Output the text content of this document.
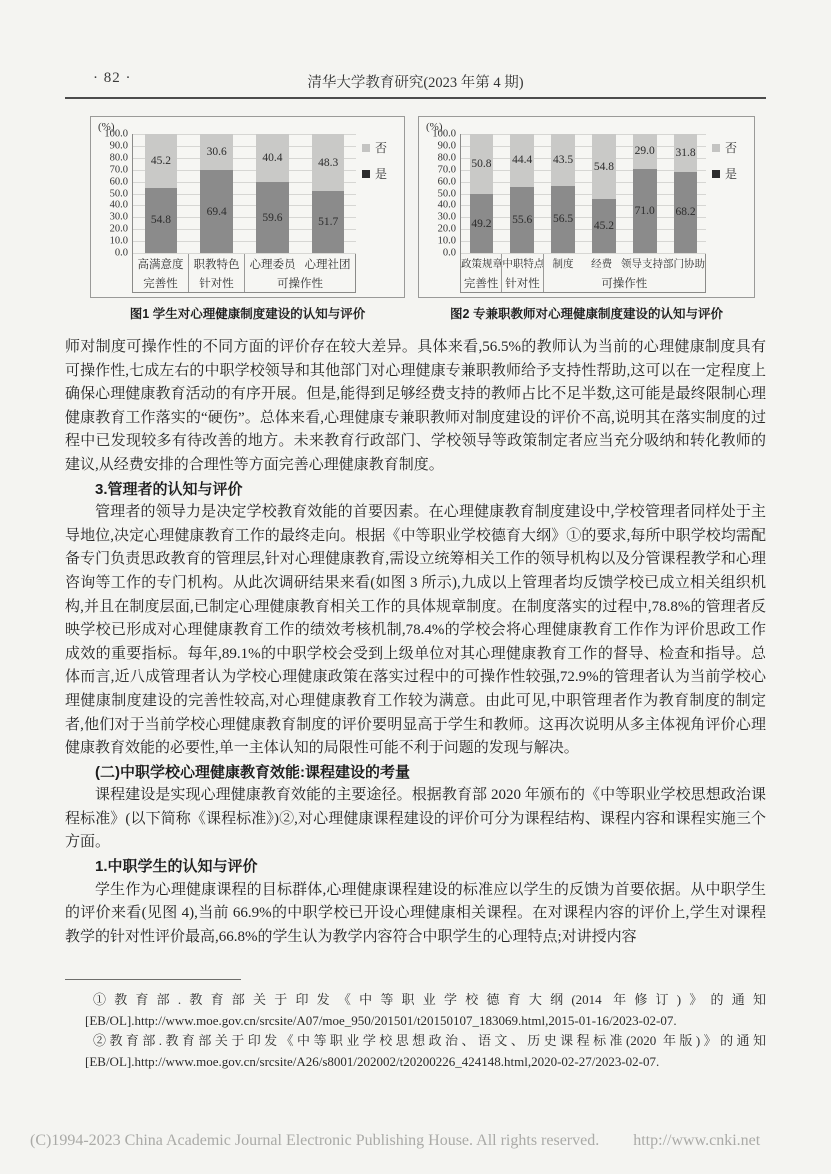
· 82 ·	清华大学教育研究(2023 年第 4 期)
(%)
100.0
90.0
80.0
70.0
60.0
50.0
40.0
30.0
20.0
10.0
0.0
54.8
45.2
69.4
30.6
59.6
40.4
51.7
48.3
否
是
高满意度
完善性
职教特色
针对性
心理委员 心理社团
可操作性
图1 学生对心理健康制度建设的认知与评价
(%)
100.0
90.0
80.0
70.0
60.0
50.0
40.0
30.0
20.0
10.0
0.0
49.2
50.8
55.6
44.4
56.5
43.5
45.2
54.8
71.0
29.0
68.2
31.8	否
是
政策规章
完善性
中职特点
针对性
制度	经费 领导支持 部门协助
可操作性
图2 专兼职教师对心理健康制度建设的认知与评价

师对制度可操作性的不同方面的评价存在较大差异。具体来看,56.5%的教师认为当前的心理健康制度具有可操作性,七成左右的中职学校领导和其他部门对心理健康专兼职教师给予支持性帮助,这可以在一定程度上确保心理健康教育活动的有序开展。但是,能得到足够经费支持的教师占比不足半数,这可能是最终限制心理健康教育工作落实的“硬伤”。总体来看,心理健康专兼职教师对制度建设的评价不高,说明其在落实制度的过程中已发现较多有待改善的地方。未来教育行政部门、学校领导等政策制定者应当充分吸纳和转化教师的建议,从经费安排的合理性等方面完善心理健康教育制度。

3.管理者的认知与评价

管理者的领导力是决定学校教育效能的首要因素。在心理健康教育制度建设中,学校管理者同样处于主导地位,决定心理健康教育工作的最终走向。根据《中等职业学校德育大纲》①的要求,每所中职学校均需配备专门负责思政教育的管理层,针对心理健康教育,需设立统筹相关工作的领导机构以及分管课程教学和心理咨询等工作的专门机构。从此次调研结果来看(如图 3 所示),九成以上管理者均反馈学校已成立相关组织机构,并且在制度层面,已制定心理健康教育相关工作的具体规章制度。在制度落实的过程中,78.8%的管理者反映学校已形成对心理健康教育工作的绩效考核机制,78.4%的学校会将心理健康教育工作作为评价思政工作成效的重要指标。每年,89.1%的中职学校会受到上级单位对其心理健康教育工作的督导、检查和指导。总体而言,近八成管理者认为学校心理健康政策在落实过程中的可操作性较强,72.9%的管理者认为当前学校心理健康制度建设的完善性较高,对心理健康教育工作较为满意。由此可见,中职管理者作为教育制度的制定者,他们对于当前学校心理健康教育制度的评价要明显高于学生和教师。这再次说明从多主体视角评价心理健康教育效能的必要性,单一主体认知的局限性可能不利于问题的发现与解决。

(二)中职学校心理健康教育效能:课程建设的考量

课程建设是实现心理健康教育效能的主要途径。根据教育部 2020 年颁布的《中等职业学校思想政治课程标准》(以下简称《课程标准》)②,对心理健康课程建设的评价可分为课程结构、课程内容和课程实施三个方面。

1.中职学生的认知与评价

学生作为心理健康课程的目标群体,心理健康课程建设的标准应以学生的反馈为首要依据。从中职学生的评价来看(见图 4),当前 66.9%的中职学校已开设心理健康相关课程。在对课程内容的评价上,学生对课程教学的针对性评价最高,66.8%的学生认为教学内容符合中职学生的心理特点;对讲授内容

①教育部.教育部关于印发《中等职业学校德育大纲(2014 年修订)》的通知[EB/OL].http://www.moe.gov.cn/srcsite/A07/moe_950/201501/t20150107_183069.html,2015-01-16/2023-02-07.

②教育部.教育部关于印发《中等职业学校思想政治、语文、历史课程标准(2020 年版)》的通知[EB/OL].http://www.moe.gov.cn/srcsite/A26/s8001/202002/t20200226_424148.html,2020-02-27/2023-02-07.

(C)1994-2023 China Academic Journal Electronic Publishing House. All rights reserved. http://www.cnki.net
